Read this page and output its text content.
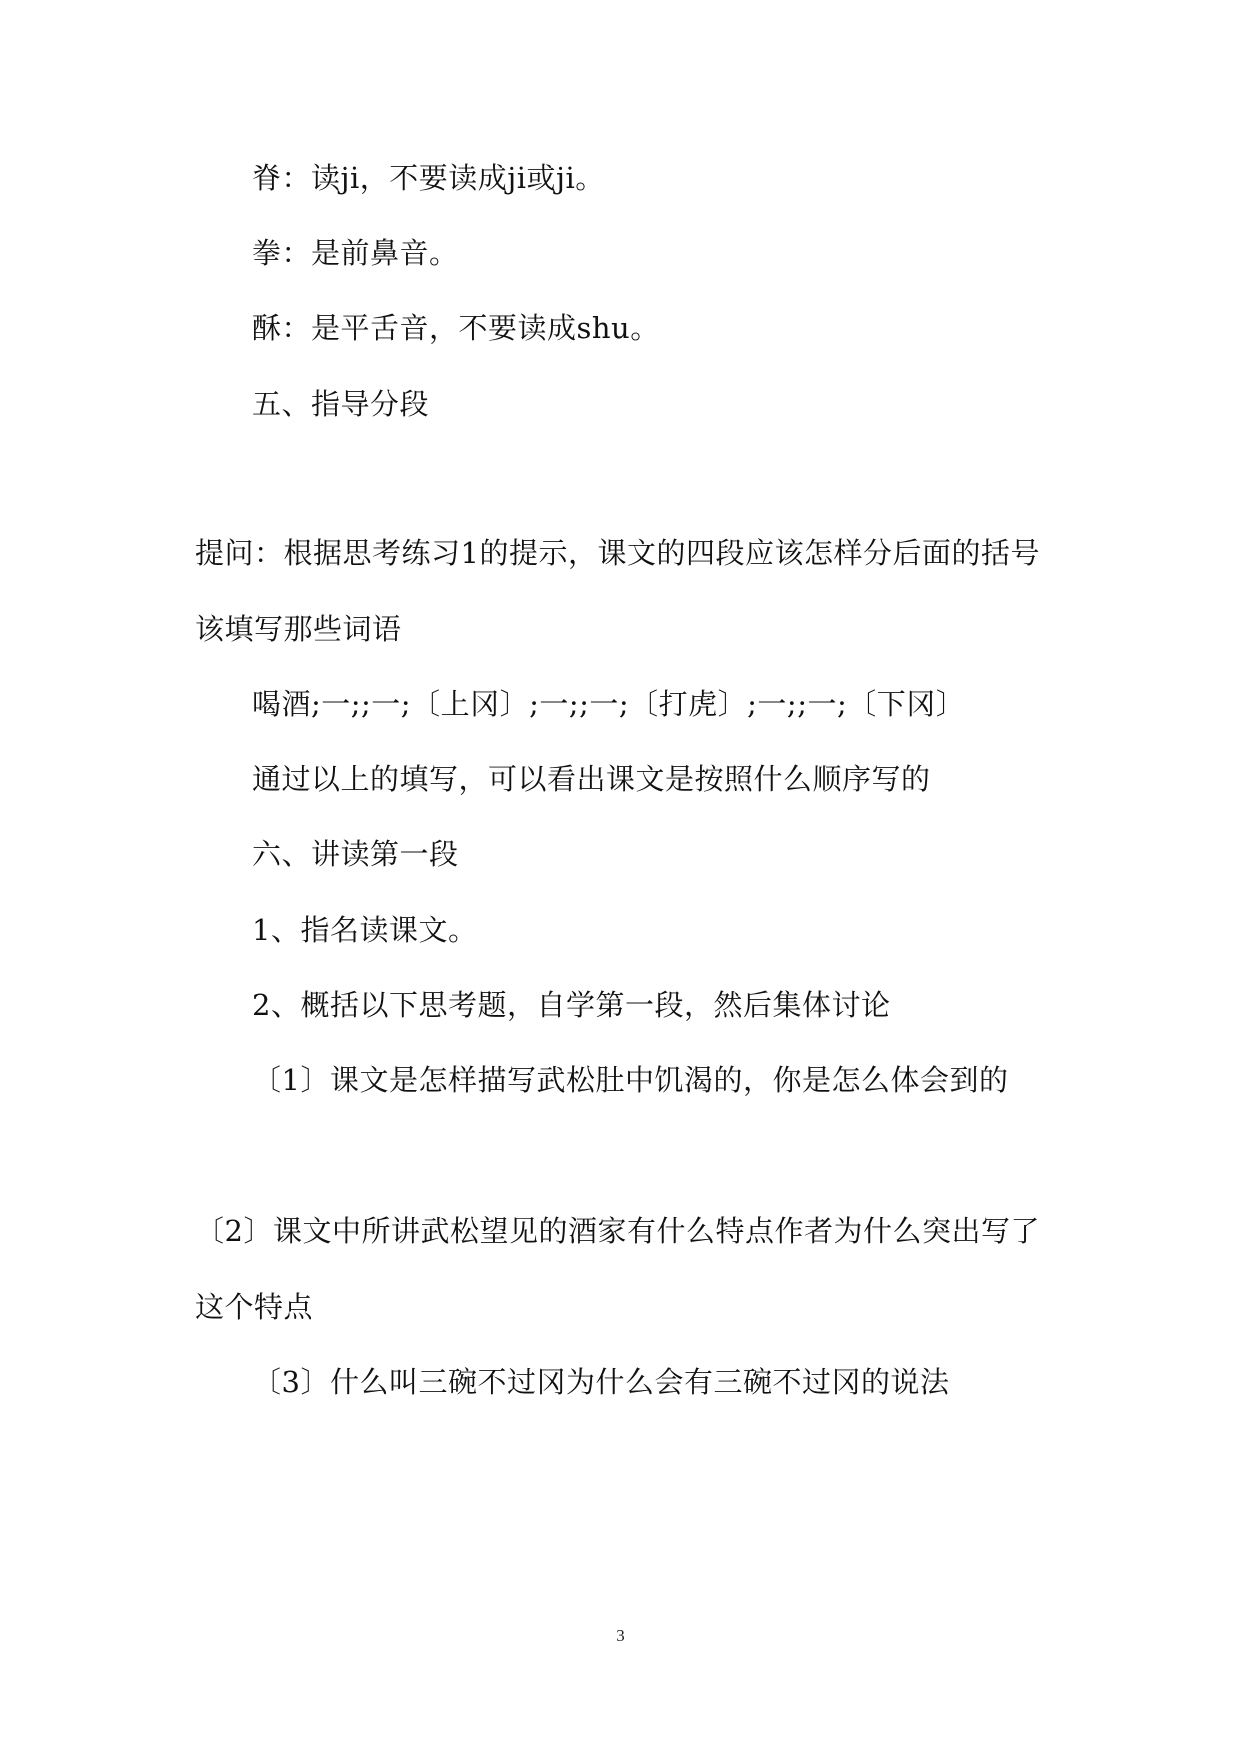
脊：读ji，不要读成ji或ji。
拳：是前鼻音。
酥：是平舌音，不要读成shu。
五、指导分段
提问：根据思考练习1的提示，课文的四段应该怎样分后面的括号
该填写那些词语
喝酒;一;;一;〔上冈〕;一;;一;〔打虎〕;一;;一;〔下冈〕
通过以上的填写，可以看出课文是按照什么顺序写的
六、讲读第一段
1、指名读课文。
2、概括以下思考题，自学第一段，然后集体讨论
〔1〕课文是怎样描写武松肚中饥渴的，你是怎么体会到的
〔2〕课文中所讲武松望见的酒家有什么特点作者为什么突出写了
这个特点
〔3〕什么叫三碗不过冈为什么会有三碗不过冈的说法
3
